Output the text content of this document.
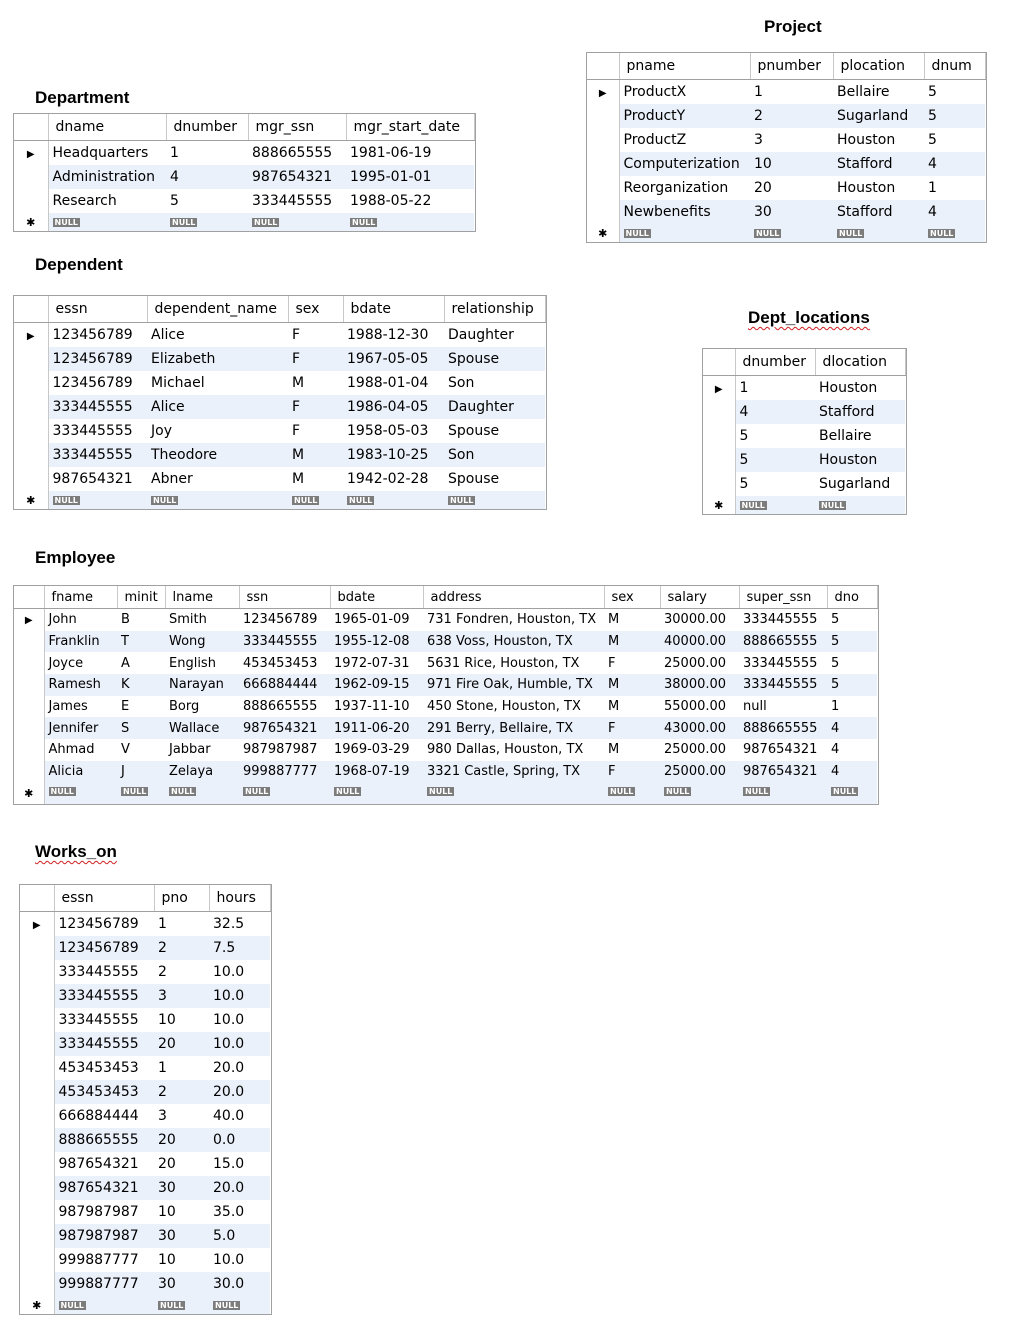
Project
Department
Dependent
Dept_locations
Employee
Works_on
	pname	pnumber	plocation	dnum
▶	ProductX	1	Bellaire	5
	ProductY	2	Sugarland	5
	ProductZ	3	Houston	5
	Computerization	10	Stafford	4
	Reorganization	20	Houston	1
	Newbenefits	30	Stafford	4
✱	NULL	NULL	NULL	NULL
	dname	dnumber	mgr_ssn	mgr_start_date
▶	Headquarters	1	888665555	1981-06-19
	Administration	4	987654321	1995-01-01
	Research	5	333445555	1988-05-22
✱	NULL	NULL	NULL	NULL
	essn	dependent_name	sex	bdate	relationship
▶	123456789	Alice	F	1988-12-30	Daughter
	123456789	Elizabeth	F	1967-05-05	Spouse
	123456789	Michael	M	1988-01-04	Son
	333445555	Alice	F	1986-04-05	Daughter
	333445555	Joy	F	1958-05-03	Spouse
	333445555	Theodore	M	1983-10-25	Son
	987654321	Abner	M	1942-02-28	Spouse
✱	NULL	NULL	NULL	NULL	NULL
	dnumber	dlocation
▶	1	Houston
	4	Stafford
	5	Bellaire
	5	Houston
	5	Sugarland
✱	NULL	NULL
	fname	minit	lname	ssn	bdate	address	sex	salary	super_ssn	dno
▶	John	B	Smith	123456789	1965-01-09	731 Fondren, Houston, TX	M	30000.00	333445555	5
	Franklin	T	Wong	333445555	1955-12-08	638 Voss, Houston, TX	M	40000.00	888665555	5
	Joyce	A	English	453453453	1972-07-31	5631 Rice, Houston, TX	F	25000.00	333445555	5
	Ramesh	K	Narayan	666884444	1962-09-15	971 Fire Oak, Humble, TX	M	38000.00	333445555	5
	James	E	Borg	888665555	1937-11-10	450 Stone, Houston, TX	M	55000.00	null	1
	Jennifer	S	Wallace	987654321	1911-06-20	291 Berry, Bellaire, TX	F	43000.00	888665555	4
	Ahmad	V	Jabbar	987987987	1969-03-29	980 Dallas, Houston, TX	M	25000.00	987654321	4
	Alicia	J	Zelaya	999887777	1968-07-19	3321 Castle, Spring, TX	F	25000.00	987654321	4
✱	NULL	NULL	NULL	NULL	NULL	NULL	NULL	NULL	NULL	NULL
	essn	pno	hours
▶	123456789	1	32.5
	123456789	2	7.5
	333445555	2	10.0
	333445555	3	10.0
	333445555	10	10.0
	333445555	20	10.0
	453453453	1	20.0
	453453453	2	20.0
	666884444	3	40.0
	888665555	20	0.0
	987654321	20	15.0
	987654321	30	20.0
	987987987	10	35.0
	987987987	30	5.0
	999887777	10	10.0
	999887777	30	30.0
✱	NULL	NULL	NULL
